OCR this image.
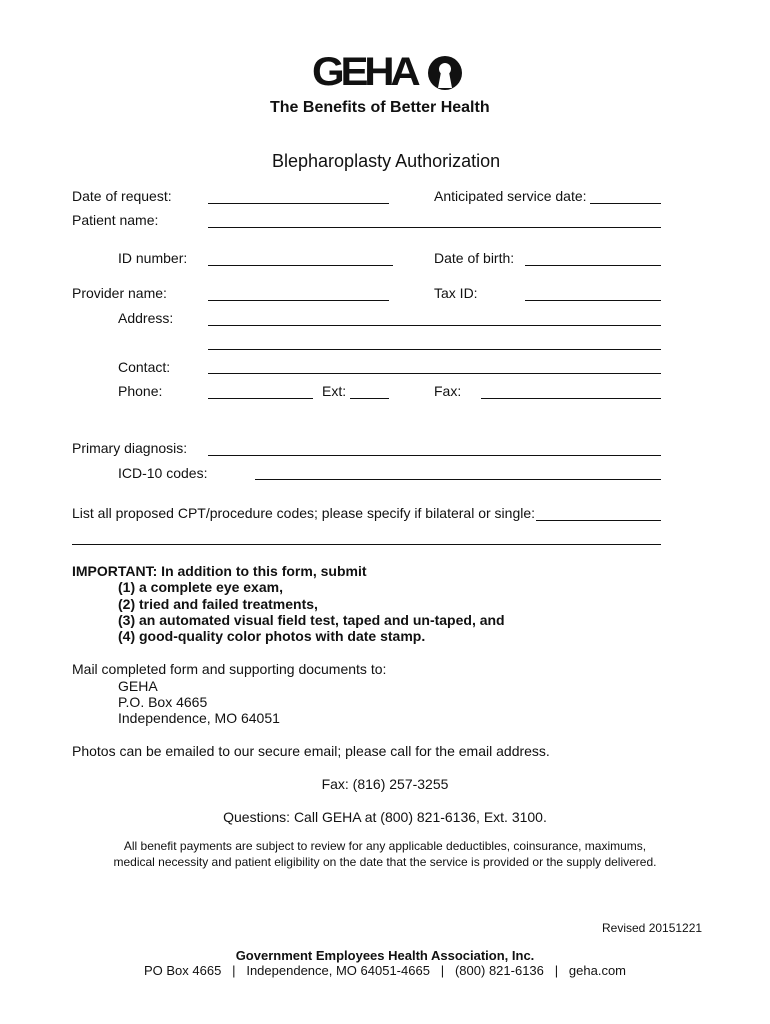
GEHA
The Benefits of Better Health
Blepharoplasty Authorization
Date of request:	Anticipated service date:
Patient name:
ID number:	Date of birth:
Provider name:	Tax ID:
Address:
Contact:
Phone:	Ext:	Fax:
Primary diagnosis:
ICD-10 codes:
List all proposed CPT/procedure codes; please specify if bilateral or single:
IMPORTANT: In addition to this form, submit
(1) a complete eye exam,
(2) tried and failed treatments,
(3) an automated visual field test, taped and un-taped, and
(4) good-quality color photos with date stamp.
Mail completed form and supporting documents to:
GEHA
P.O. Box 4665
Independence, MO 64051
Photos can be emailed to our secure email; please call for the email address.
Fax: (816) 257-3255
Questions: Call GEHA at (800) 821-6136, Ext. 3100.
All benefit payments are subject to review for any applicable deductibles, coinsurance, maximums,
medical necessity and patient eligibility on the date that the service is provided or the supply delivered.
Revised 20151221
Government Employees Health Association, Inc.
PO Box 4665   |   Independence, MO 64051-4665   |   (800) 821-6136   |   geha.com
